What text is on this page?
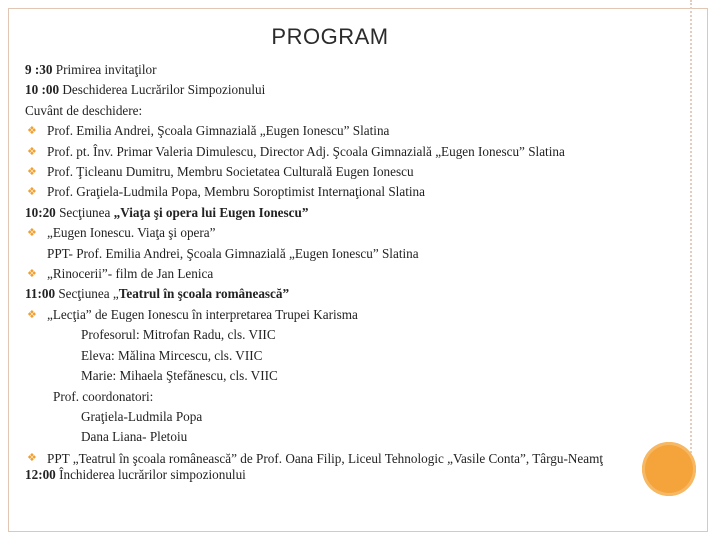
PROGRAM
9 :30 Primirea invitaţilor
10 :00 Deschiderea Lucrărilor Simpozionului
Cuvânt de deschidere:
❖ Prof. Emilia Andrei, Şcoala Gimnazială „Eugen Ionescu” Slatina
❖ Prof. pt. Înv. Primar Valeria Dimulescu, Director Adj. Şcoala Gimnazială „Eugen Ionescu” Slatina
❖ Prof. Ţicleanu Dumitru, Membru Societatea Culturală Eugen Ionescu
❖ Prof. Graţiela-Ludmila Popa, Membru Soroptimist Internaţional Slatina
10:20 Secţiunea „Viaţa şi opera lui Eugen Ionescu”
❖ „Eugen Ionescu. Viaţa şi opera”
PPT- Prof. Emilia Andrei, Şcoala Gimnazială „Eugen Ionescu” Slatina
❖ „Rinocerii”- film de Jan Lenica
11:00 Secţiunea „Teatrul în şcoala românească”
❖ „Lecţia” de Eugen Ionescu în interpretarea Trupei Karisma
Profesorul: Mitrofan Radu, cls. VIIC
Eleva: Mălina Mircescu, cls. VIIC
Marie: Mihaela Ştefănescu, cls. VIIC
Prof. coordonatori:
Graţiela-Ludmila Popa
Dana Liana- Pletoiu
❖ PPT „Teatrul în şcoala românească” de Prof. Oana Filip, Liceul Tehnologic „Vasile Conta”, Târgu-Neamţ
12:00 Închiderea lucrărilor simpozionului
